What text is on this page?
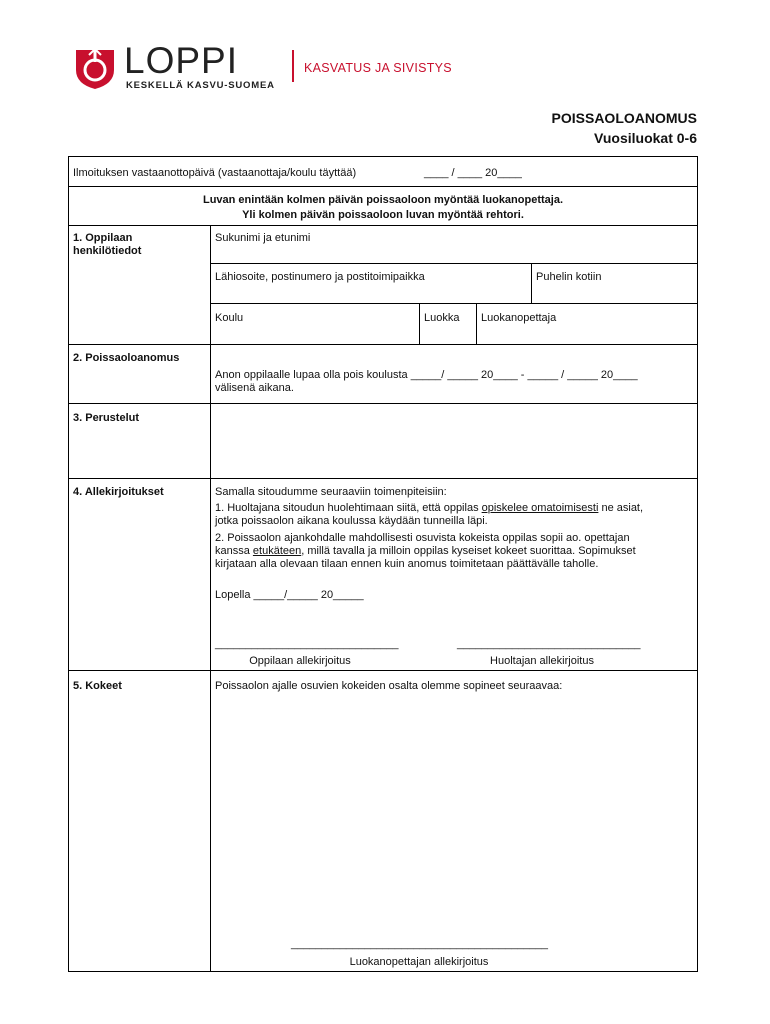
LOPPI
KESKELLÄ KASVU-SUOMEA
KASVATUS JA SIVISTYS
POISSAOLOANOMUS
Vuosiluokat 0-6
Ilmoituksen vastaanottopäivä (vastaanottaja/koulu täyttää)	____ / ____ 20____
Luvan enintään kolmen päivän poissaoloon myöntää luokanopettaja.
Yli kolmen päivän poissaoloon luvan myöntää rehtori.
1. Oppilaan
henkilötiedot
Sukunimi ja etunimi
Lähiosoite, postinumero ja postitoimipaikka	Puhelin kotiin
Koulu	Luokka Luokanopettaja
2. Poissaoloanomus
Anon oppilaalle lupaa olla pois koulusta _____/ _____ 20____ - _____ / _____ 20____
välisenä aikana.
3. Perustelut
4. Allekirjoitukset	Samalla sitoudumme seuraaviin toimenpiteisiin:
1. Huoltajana sitoudun huolehtimaan siitä, että oppilas opiskelee omatoimisesti ne asiat,
jotka poissaolon aikana koulussa käydään tunneilla läpi.
2. Poissaolon ajankohdalle mahdollisesti osuvista kokeista oppilas sopii ao. opettajan
kanssa etukäteen, millä tavalla ja milloin oppilas kyseiset kokeet suorittaa. Sopimukset
kirjataan alla olevaan tilaan ennen kuin anomus toimitetaan päättävälle taholle.
Lopella _____/_____ 20_____
______________________________	______________________________
Oppilaan allekirjoitus	Huoltajan allekirjoitus
5. Kokeet	Poissaolon ajalle osuvien kokeiden osalta olemme sopineet seuraavaa:
__________________________________________
Luokanopettajan allekirjoitus
